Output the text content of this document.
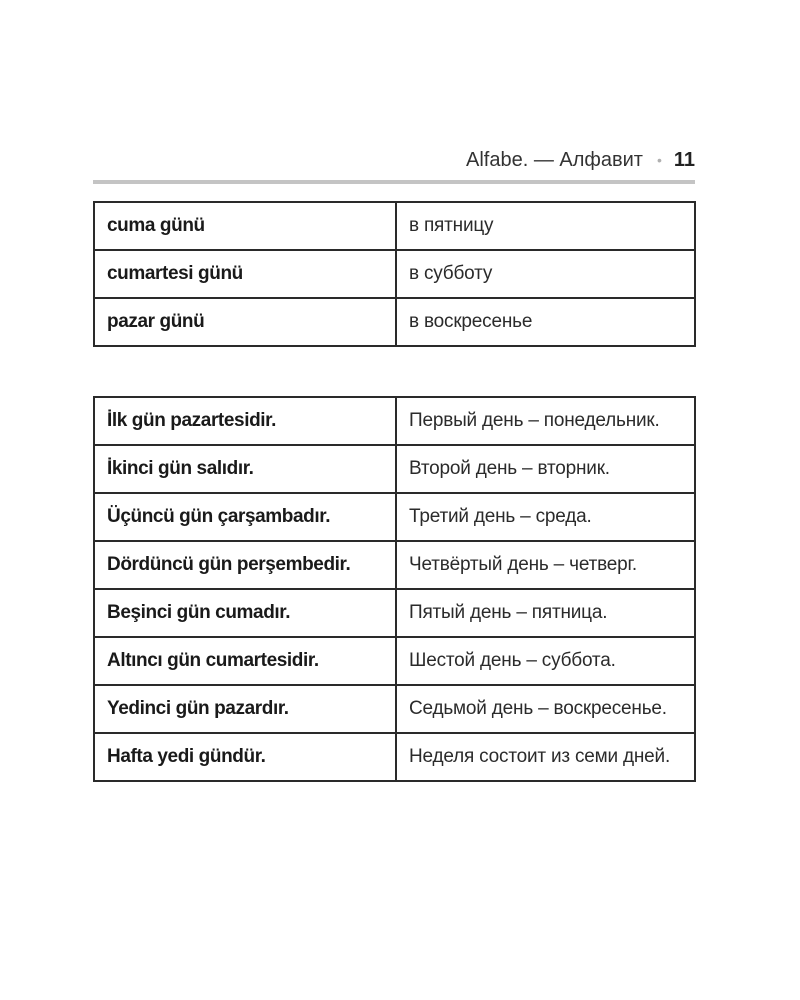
Alfabe. — Алфавит • 11
cuma günü	в пятницу
cumartesi günü	в субботу
pazar günü	в воскресенье
İlk gün pazartesidir.	Первый день – понедельник.
İkinci gün salıdır.	Второй день – вторник.
Üçüncü gün çarşambadır.	Третий день – среда.
Dördüncü gün perşembedir.	Четвёртый день – четверг.
Beşinci gün cumadır.	Пятый день – пятница.
Altıncı gün cumartesidir.	Шестой день – суббота.
Yedinci gün pazardır.	Седьмой день – воскресенье.
Hafta yedi gündür.	Неделя состоит из семи дней.
